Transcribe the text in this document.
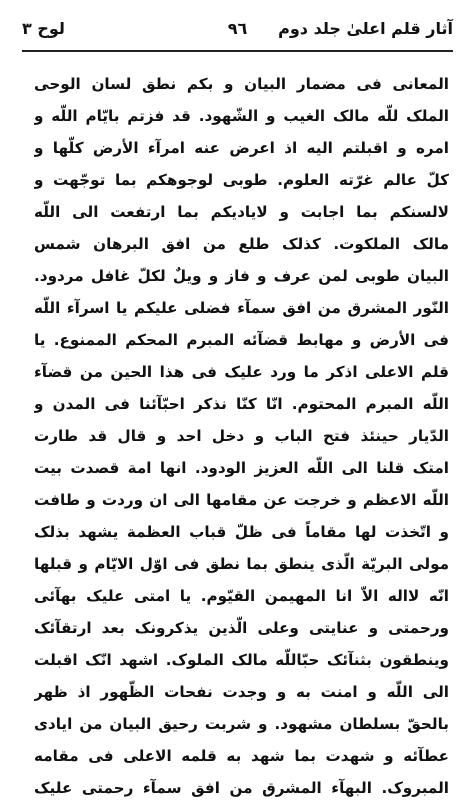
آثار قلم اعلیٰ جلد دوم
٩٦
لوح ٣
المعانی فی مضمار البیان و بکم نطق لسان الوحی
الملک للّه مالک الغیب و الشّهود. قد فزتم بایّام اللّه و
امره و اقبلتم الیه اذ اعرض عنه امرآء الأرض کلّها و
کلّ عالم غرّته العلوم. طوبی لوجوهکم بما توجّهت و
لالسنکم بما اجابت و لایادیکم بما ارتفعت الی اللّه
مالک الملکوت. کذلک طلع من افق البرهان شمس
البیان طوبی لمن عرف و فاز و ویلٌ لکلّ غافل مردود.
النّور المشرق من افق سمآء فضلی علیکم یا اسرآء اللّه
فی الأرض و مهابط قضآئه المبرم المحکم الممنوع. یا
قلم الاعلی اذکر ما ورد علیک فی هذا الحین من قضآء
اللّه المبرم المحتوم. انّا کنّا نذکر احبّآئنا فی المدن و
الدّیار حینئذ فتح الباب و دخل احد و قال قد طارت
امتک قلنا الی اللّه العزیز الودود. انها امة قصدت بیت
اللّه الاعظم و خرجت عن مقامها الی ان وردت و طافت
و اتّخذت لها مقاماً فی ظلّ قباب العظمة یشهد بذلک
مولی البریّة الّذی ینطق بما نطق فی اوّل الایّام و قبلها
انّه لااله الاّ انا المهیمن القیّوم. یا امتی علیک بهآئی
ورحمتی و عنایتی وعلی الّذین یذکرونک بعد ارتقآئک
وینطقون بثنآئک حبّاللّه مالک الملوک. اشهد انّک اقبلت
الی اللّه و امنت به و وجدت نفحات الظّهور اذ ظهر
بالحقّ بسلطان مشهود. و شربت رحیق البیان من ایادی
عطآئه و شهدت بما شهد به قلمه الاعلی فی مقامه
المبروک. البهآء المشرق من افق سمآء رحمتی علیک
